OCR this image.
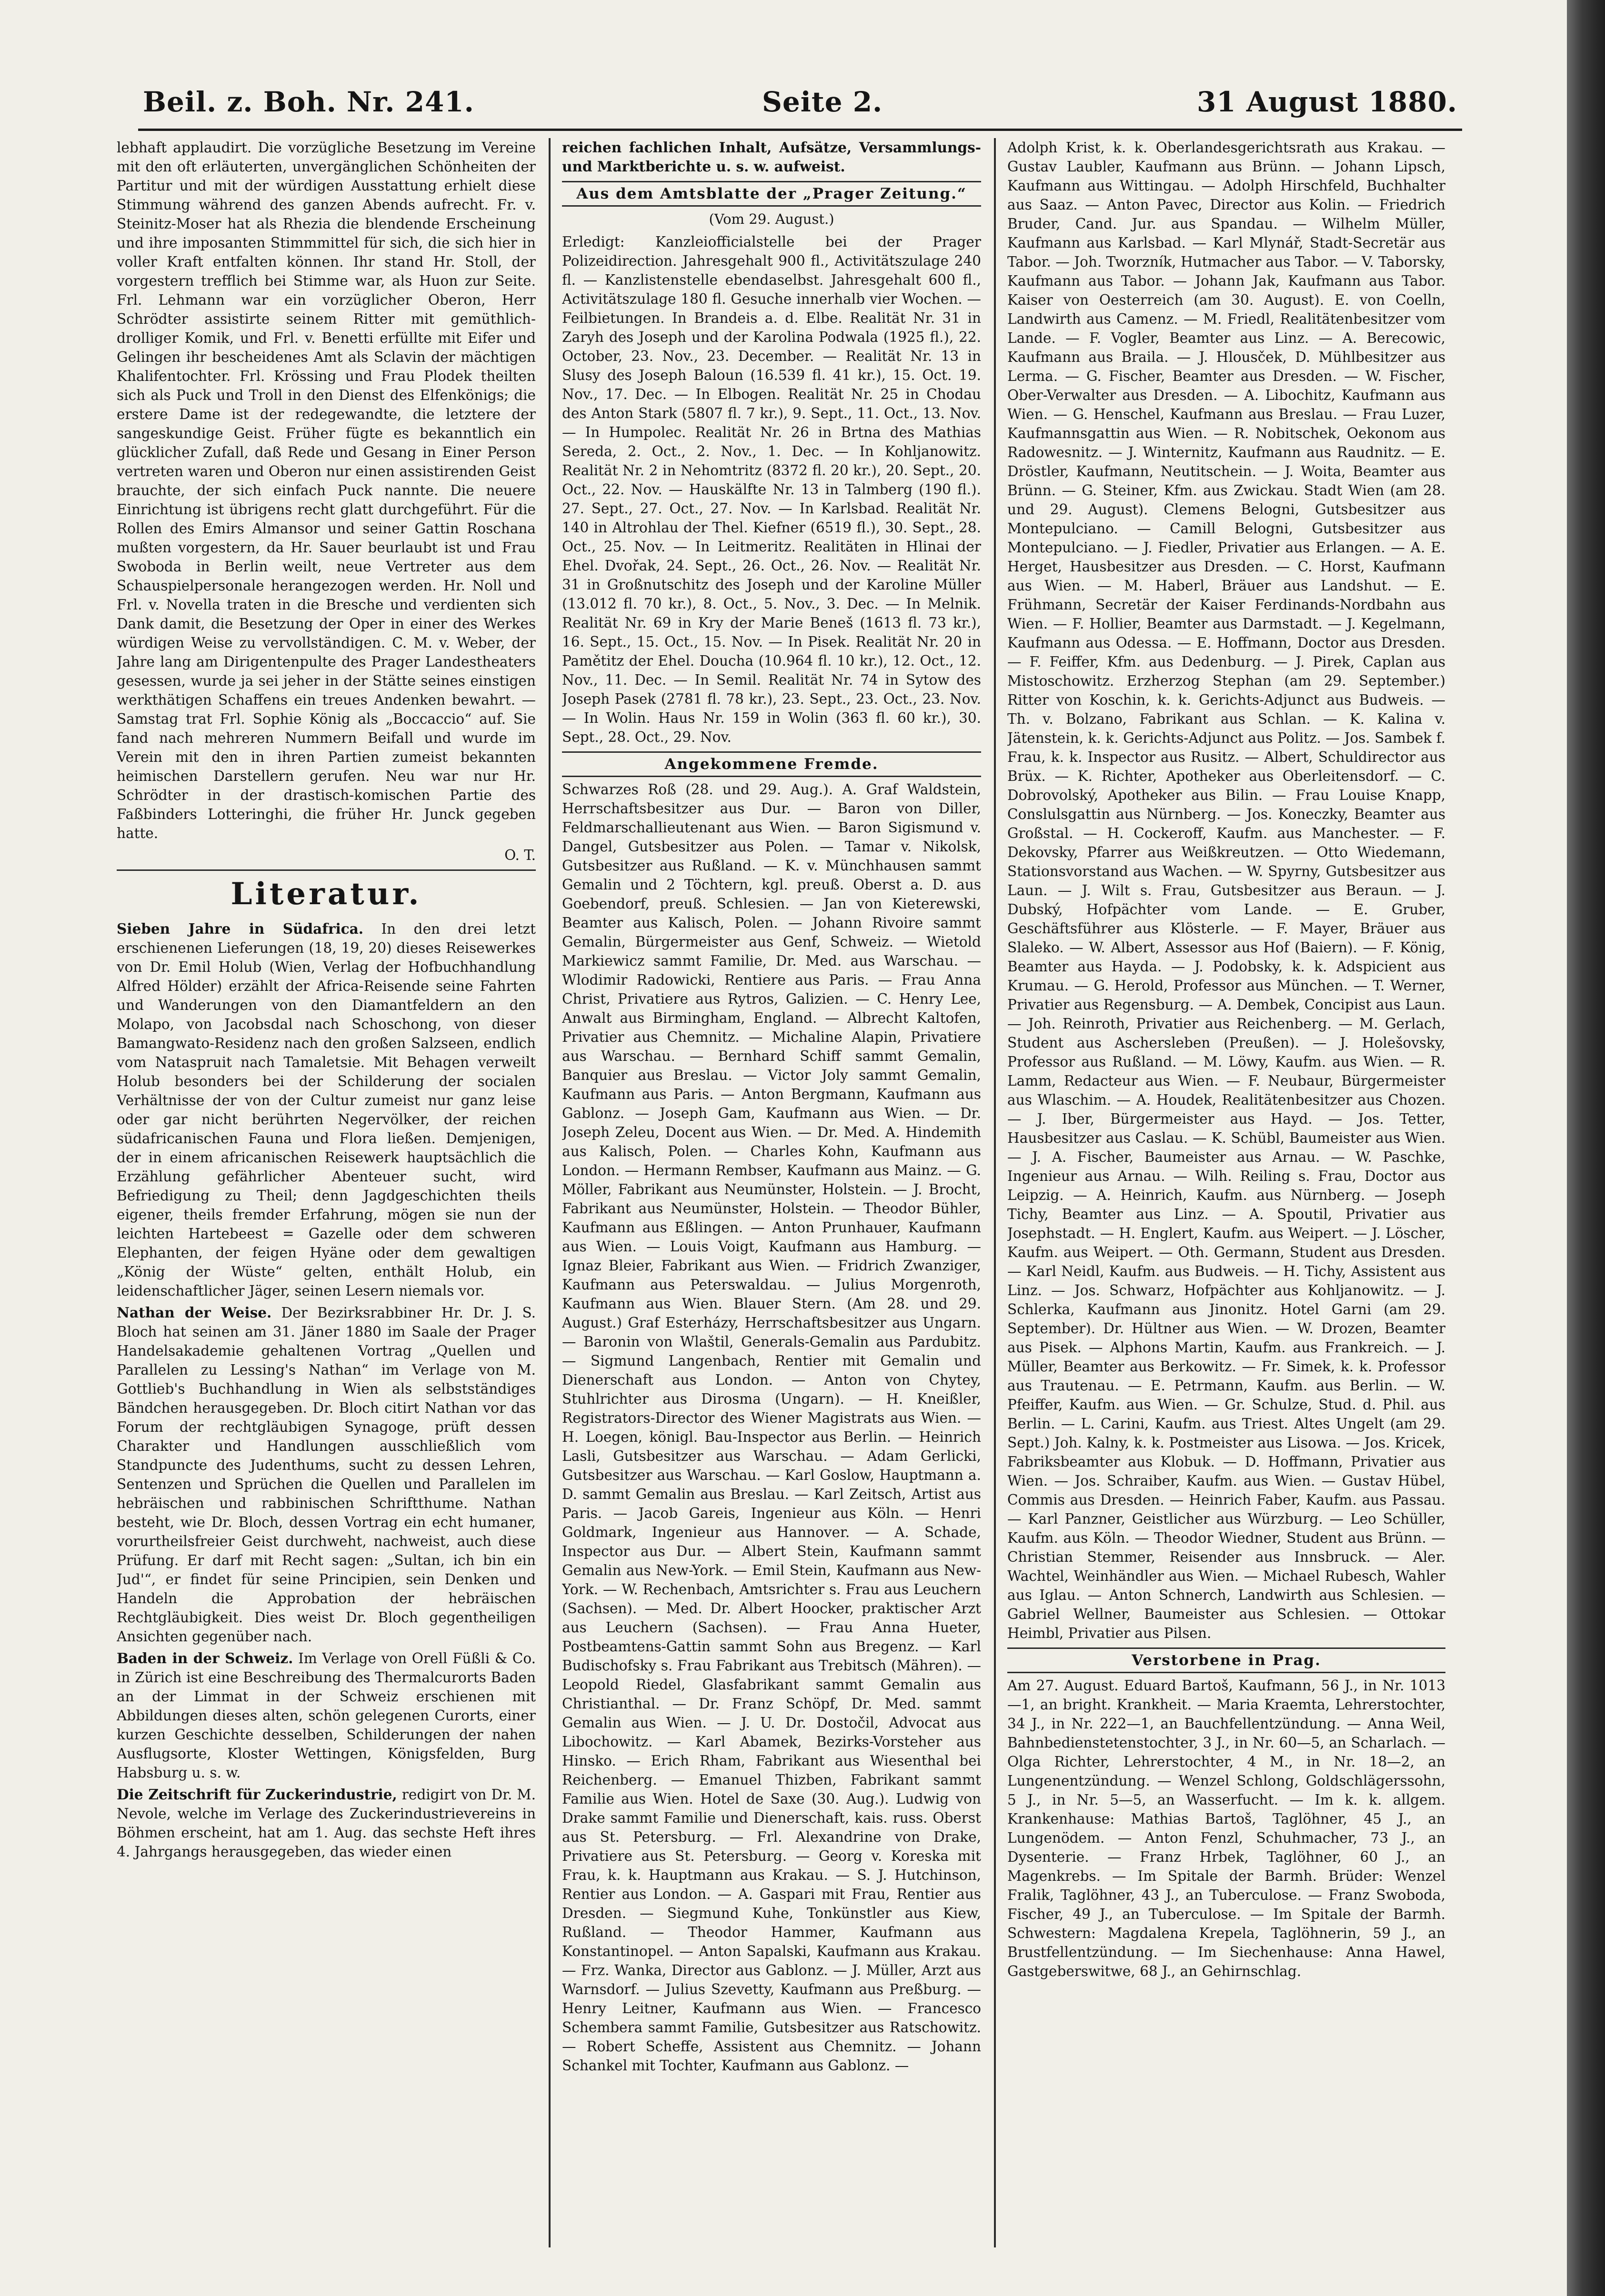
Beil. z. Boh. Nr. 241.	Seite 2.	31 August 1880.

lebhaft applaudirt. Die vorzügliche Besetzung im Vereine mit den oft erläuterten, unvergänglichen Schönheiten der Partitur und mit der würdigen Ausstattung erhielt diese Stimmung während des ganzen Abends aufrecht. Fr. v. Steinitz-Moser hat als Rhezia die blendende Erscheinung und ihre imposanten Stimmmittel für sich, die sich hier in voller Kraft entfalten können. Ihr stand Hr. Stoll, der vorgestern trefflich bei Stimme war, als Huon zur Seite. Frl. Lehmann war ein vorzüglicher Oberon, Herr Schrödter assistirte seinem Ritter mit gemüthlich-drolliger Komik, und Frl. v. Benetti erfüllte mit Eifer und Gelingen ihr bescheidenes Amt als Sclavin der mächtigen Khalifentochter. Frl. Krössing und Frau Plodek theilten sich als Puck und Troll in den Dienst des Elfenkönigs; die erstere Dame ist der redegewandte, die letztere der sangeskundige Geist. Früher fügte es bekanntlich ein glücklicher Zufall, daß Rede und Gesang in Einer Person vertreten waren und Oberon nur einen assistirenden Geist brauchte, der sich einfach Puck nannte. Die neuere Einrichtung ist übrigens recht glatt durchgeführt. Für die Rollen des Emirs Almansor und seiner Gattin Roschana mußten vorgestern, da Hr. Sauer beurlaubt ist und Frau Swoboda in Berlin weilt, neue Vertreter aus dem Schauspielpersonale herangezogen werden. Hr. Noll und Frl. v. Novella traten in die Bresche und verdienten sich Dank damit, die Besetzung der Oper in einer des Werkes würdigen Weise zu vervollständigen. C. M. v. Weber, der Jahre lang am Dirigentenpulte des Prager Landestheaters gesessen, wurde ja sei jeher in der Stätte seines einstigen werkthätigen Schaffens ein treues Andenken bewahrt. — Samstag trat Frl. Sophie König als „Boccaccio“ auf. Sie fand nach mehreren Nummern Beifall und wurde im Verein mit den in ihren Partien zumeist bekannten heimischen Darstellern gerufen. Neu war nur Hr. Schrödter in der drastisch-komischen Partie des Faßbinders Lotteringhi, die früher Hr. Junck gegeben hatte.

O. T.

Literatur.

Sieben Jahre in Südafrica. In den drei letzt erschienenen Lieferungen (18, 19, 20) dieses Reisewerkes von Dr. Emil Holub (Wien, Verlag der Hofbuchhandlung Alfred Hölder) erzählt der Africa-Reisende seine Fahrten und Wanderungen von den Diamantfeldern an den Molapo, von Jacobsdal nach Schoschong, von dieser Bamangwato-Residenz nach den großen Salzseen, endlich vom Nataspruit nach Tamaletsie. Mit Behagen verweilt Holub besonders bei der Schilderung der socialen Verhältnisse der von der Cultur zumeist nur ganz leise oder gar nicht berührten Negervölker, der reichen südafricanischen Fauna und Flora ließen. Demjenigen, der in einem africanischen Reisewerk hauptsächlich die Erzählung gefährlicher Abenteuer sucht, wird Befriedigung zu Theil; denn Jagdgeschichten theils eigener, theils fremder Erfahrung, mögen sie nun der leichten Hartebeest = Gazelle oder dem schweren Elephanten, der feigen Hyäne oder dem gewaltigen „König der Wüste“ gelten, enthält Holub, ein leidenschaftlicher Jäger, seinen Lesern niemals vor.

Nathan der Weise. Der Bezirksrabbiner Hr. Dr. J. S. Bloch hat seinen am 31. Jäner 1880 im Saale der Prager Handelsakademie gehaltenen Vortrag „Quellen und Parallelen zu Lessing's Nathan“ im Verlage von M. Gottlieb's Buchhandlung in Wien als selbstständiges Bändchen herausgegeben. Dr. Bloch citirt Nathan vor das Forum der rechtgläubigen Synagoge, prüft dessen Charakter und Handlungen ausschließlich vom Standpuncte des Judenthums, sucht zu dessen Lehren, Sentenzen und Sprüchen die Quellen und Parallelen im hebräischen und rabbinischen Schriftthume. Nathan besteht, wie Dr. Bloch, dessen Vortrag ein echt humaner, vorurtheilsfreier Geist durchweht, nachweist, auch diese Prüfung. Er darf mit Recht sagen: „Sultan, ich bin ein Jud'“, er findet für seine Principien, sein Denken und Handeln die Approbation der hebräischen Rechtgläubigkeit. Dies weist Dr. Bloch gegentheiligen Ansichten gegenüber nach.

Baden in der Schweiz. Im Verlage von Orell Füßli & Co. in Zürich ist eine Beschreibung des Thermalcurorts Baden an der Limmat in der Schweiz erschienen mit Abbildungen dieses alten, schön gelegenen Curorts, einer kurzen Geschichte desselben, Schilderungen der nahen Ausflugsorte, Kloster Wettingen, Königsfelden, Burg Habsburg u. s. w.

Die Zeitschrift für Zuckerindustrie, redigirt von Dr. M. Nevole, welche im Verlage des Zuckerindustrievereins in Böhmen erscheint, hat am 1. Aug. das sechste Heft ihres 4. Jahrgangs herausgegeben, das wieder einen

reichen fachlichen Inhalt, Aufsätze, Versammlungs- und Marktberichte u. s. w. aufweist.

Aus dem Amtsblatte der „Prager Zeitung.“
(Vom 29. August.)

Erledigt: Kanzleiofficialstelle bei der Prager Polizeidirection. Jahresgehalt 900 fl., Activitätszulage 240 fl. — Kanzlistenstelle ebendaselbst. Jahresgehalt 600 fl., Activitätszulage 180 fl. Gesuche innerhalb vier Wochen. — Feilbietungen. In Brandeis a. d. Elbe. Realität Nr. 31 in Zaryh des Joseph und der Karolina Podwala (1925 fl.), 22. October, 23. Nov., 23. December. — Realität Nr. 13 in Slusy des Joseph Baloun (16.539 fl. 41 kr.), 15. Oct. 19. Nov., 17. Dec. — In Elbogen. Realität Nr. 25 in Chodau des Anton Stark (5807 fl. 7 kr.), 9. Sept., 11. Oct., 13. Nov. — In Humpolec. Realität Nr. 26 in Brtna des Mathias Sereda, 2. Oct., 2. Nov., 1. Dec. — In Kohljanowitz. Realität Nr. 2 in Nehomtritz (8372 fl. 20 kr.), 20. Sept., 20. Oct., 22. Nov. — Hauskälfte Nr. 13 in Talmberg (190 fl.). 27. Sept., 27. Oct., 27. Nov. — In Karlsbad. Realität Nr. 140 in Altrohlau der Thel. Kiefner (6519 fl.), 30. Sept., 28. Oct., 25. Nov. — In Leitmeritz. Realitäten in Hlinai der Ehel. Dvořak, 24. Sept., 26. Oct., 26. Nov. — Realität Nr. 31 in Großnutschitz des Joseph und der Karoline Müller (13.012 fl. 70 kr.), 8. Oct., 5. Nov., 3. Dec. — In Melnik. Realität Nr. 69 in Kry der Marie Beneš (1613 fl. 73 kr.), 16. Sept., 15. Oct., 15. Nov. — In Pisek. Realität Nr. 20 in Pamětitz der Ehel. Doucha (10.964 fl. 10 kr.), 12. Oct., 12. Nov., 11. Dec. — In Semil. Realität Nr. 74 in Sytow des Joseph Pasek (2781 fl. 78 kr.), 23. Sept., 23. Oct., 23. Nov. — In Wolin. Haus Nr. 159 in Wolin (363 fl. 60 kr.), 30. Sept., 28. Oct., 29. Nov.

Angekommene Fremde.

Schwarzes Roß (28. und 29. Aug.). A. Graf Waldstein, Herrschaftsbesitzer aus Dur. — Baron von Diller, Feldmarschallieutenant aus Wien. — Baron Sigismund v. Dangel, Gutsbesitzer aus Polen. — Tamar v. Nikolsk, Gutsbesitzer aus Rußland. — K. v. Münchhausen sammt Gemalin und 2 Töchtern, kgl. preuß. Oberst a. D. aus Goebendorf, preuß. Schlesien. — Jan von Kieterewski, Beamter aus Kalisch, Polen. — Johann Rivoire sammt Gemalin, Bürgermeister aus Genf, Schweiz. — Wietold Markiewicz sammt Familie, Dr. Med. aus Warschau. — Wlodimir Radowicki, Rentiere aus Paris. — Frau Anna Christ, Privatiere aus Rytros, Galizien. — C. Henry Lee, Anwalt aus Birmingham, England. — Albrecht Kaltofen, Privatier aus Chemnitz. — Michaline Alapin, Privatiere aus Warschau. — Bernhard Schiff sammt Gemalin, Banquier aus Breslau. — Victor Joly sammt Gemalin, Kaufmann aus Paris. — Anton Bergmann, Kaufmann aus Gablonz. — Joseph Gam, Kaufmann aus Wien. — Dr. Joseph Zeleu, Docent aus Wien. — Dr. Med. A. Hindemith aus Kalisch, Polen. — Charles Kohn, Kaufmann aus London. — Hermann Rembser, Kaufmann aus Mainz. — G. Möller, Fabrikant aus Neumünster, Holstein. — J. Brocht, Fabrikant aus Neumünster, Holstein. — Theodor Bühler, Kaufmann aus Eßlingen. — Anton Prunhauer, Kaufmann aus Wien. — Louis Voigt, Kaufmann aus Hamburg. — Ignaz Bleier, Fabrikant aus Wien. — Fridrich Zwanziger, Kaufmann aus Peterswaldau. — Julius Morgenroth, Kaufmann aus Wien. Blauer Stern. (Am 28. und 29. August.) Graf Esterházy, Herrschaftsbesitzer aus Ungarn. — Baronin von Wlaštil, Generals-Gemalin aus Pardubitz. — Sigmund Langenbach, Rentier mit Gemalin und Dienerschaft aus London. — Anton von Chytey, Stuhlrichter aus Dirosma (Ungarn). — H. Kneißler, Registrators-Director des Wiener Magistrats aus Wien. — H. Loegen, königl. Bau-Inspector aus Berlin. — Heinrich Lasli, Gutsbesitzer aus Warschau. — Adam Gerlicki, Gutsbesitzer aus Warschau. — Karl Goslow, Hauptmann a. D. sammt Gemalin aus Breslau. — Karl Zeitsch, Artist aus Paris. — Jacob Gareis, Ingenieur aus Köln. — Henri Goldmark, Ingenieur aus Hannover. — A. Schade, Inspector aus Dur. — Albert Stein, Kaufmann sammt Gemalin aus New-York. — Emil Stein, Kaufmann aus New-York. — W. Rechenbach, Amtsrichter s. Frau aus Leuchern (Sachsen). — Med. Dr. Albert Hoocker, praktischer Arzt aus Leuchern (Sachsen). — Frau Anna Hueter, Postbeamtens-Gattin sammt Sohn aus Bregenz. — Karl Budischofsky s. Frau Fabrikant aus Trebitsch (Mähren). — Leopold Riedel, Glasfabrikant sammt Gemalin aus Christianthal. — Dr. Franz Schöpf, Dr. Med. sammt Gemalin aus Wien. — J. U. Dr. Dostočil, Advocat aus Libochowitz. — Karl Abamek, Bezirks-Vorsteher aus Hinsko. — Erich Rham, Fabrikant aus Wiesenthal bei Reichenberg. — Emanuel Thizben, Fabrikant sammt Familie aus Wien. Hotel de Saxe (30. Aug.). Ludwig von Drake sammt Familie und Dienerschaft, kais. russ. Oberst aus St. Petersburg. — Frl. Alexandrine von Drake, Privatiere aus St. Petersburg. — Georg v. Koreska mit Frau, k. k. Hauptmann aus Krakau. — S. J. Hutchinson, Rentier aus London. — A. Gaspari mit Frau, Rentier aus Dresden. — Siegmund Kuhe, Tonkünstler aus Kiew, Rußland. — Theodor Hammer, Kaufmann aus Konstantinopel. — Anton Sapalski, Kaufmann aus Krakau. — Frz. Wanka, Director aus Gablonz. — J. Müller, Arzt aus Warnsdorf. — Julius Szevetty, Kaufmann aus Preßburg. — Henry Leitner, Kaufmann aus Wien. — Francesco Schembera sammt Familie, Gutsbesitzer aus Ratschowitz. — Robert Scheffe, Assistent aus Chemnitz. — Johann Schankel mit Tochter, Kaufmann aus Gablonz. —

Adolph Krist, k. k. Oberlandesgerichtsrath aus Krakau. — Gustav Laubler, Kaufmann aus Brünn. — Johann Lipsch, Kaufmann aus Wittingau. — Adolph Hirschfeld, Buchhalter aus Saaz. — Anton Pavec, Director aus Kolin. — Friedrich Bruder, Cand. Jur. aus Spandau. — Wilhelm Müller, Kaufmann aus Karlsbad. — Karl Mlynář, Stadt-Secretär aus Tabor. — Joh. Tworzník, Hutmacher aus Tabor. — V. Taborsky, Kaufmann aus Tabor. — Johann Jak, Kaufmann aus Tabor. Kaiser von Oesterreich (am 30. August). E. von Coelln, Landwirth aus Camenz. — M. Friedl, Realitätenbesitzer vom Lande. — F. Vogler, Beamter aus Linz. — A. Berecowic, Kaufmann aus Braila. — J. Hlousček, D. Mühlbesitzer aus Lerma. — G. Fischer, Beamter aus Dresden. — W. Fischer, Ober-Verwalter aus Dresden. — A. Libochitz, Kaufmann aus Wien. — G. Henschel, Kaufmann aus Breslau. — Frau Luzer, Kaufmannsgattin aus Wien. — R. Nobitschek, Oekonom aus Radowesnitz. — J. Winternitz, Kaufmann aus Raudnitz. — E. Dröstler, Kaufmann, Neutitschein. — J. Woita, Beamter aus Brünn. — G. Steiner, Kfm. aus Zwickau. Stadt Wien (am 28. und 29. August). Clemens Belogni, Gutsbesitzer aus Montepulciano. — Camill Belogni, Gutsbesitzer aus Montepulciano. — J. Fiedler, Privatier aus Erlangen. — A. E. Herget, Hausbesitzer aus Dresden. — C. Horst, Kaufmann aus Wien. — M. Haberl, Bräuer aus Landshut. — E. Frühmann, Secretär der Kaiser Ferdinands-Nordbahn aus Wien. — F. Hollier, Beamter aus Darmstadt. — J. Kegelmann, Kaufmann aus Odessa. — E. Hoffmann, Doctor aus Dresden. — F. Feiffer, Kfm. aus Dedenburg. — J. Pirek, Caplan aus Mistoschowitz. Erzherzog Stephan (am 29. September.) Ritter von Koschin, k. k. Gerichts-Adjunct aus Budweis. — Th. v. Bolzano, Fabrikant aus Schlan. — K. Kalina v. Jätenstein, k. k. Gerichts-Adjunct aus Politz. — Jos. Sambek f. Frau, k. k. Inspector aus Rusitz. — Albert, Schuldirector aus Brüx. — K. Richter, Apotheker aus Oberleitensdorf. — C. Dobrovolský, Apotheker aus Bilin. — Frau Louise Knapp, Conslulsgattin aus Nürnberg. — Jos. Koneczky, Beamter aus Großstal. — H. Cockeroff, Kaufm. aus Manchester. — F. Dekovsky, Pfarrer aus Weißkreutzen. — Otto Wiedemann, Stationsvorstand aus Wachen. — W. Spyrny, Gutsbesitzer aus Laun. — J. Wilt s. Frau, Gutsbesitzer aus Beraun. — J. Dubský, Hofpächter vom Lande. — E. Gruber, Geschäftsführer aus Klösterle. — F. Mayer, Bräuer aus Slaleko. — W. Albert, Assessor aus Hof (Baiern). — F. König, Beamter aus Hayda. — J. Podobsky, k. k. Adspicient aus Krumau. — G. Herold, Professor aus München. — T. Werner, Privatier aus Regensburg. — A. Dembek, Concipist aus Laun. — Joh. Reinroth, Privatier aus Reichenberg. — M. Gerlach, Student aus Aschersleben (Preußen). — J. Holešovsky, Professor aus Rußland. — M. Löwy, Kaufm. aus Wien. — R. Lamm, Redacteur aus Wien. — F. Neubaur, Bürgermeister aus Wlaschim. — A. Houdek, Realitätenbesitzer aus Chozen. — J. Iber, Bürgermeister aus Hayd. — Jos. Tetter, Hausbesitzer aus Caslau. — K. Schübl, Baumeister aus Wien. — J. A. Fischer, Baumeister aus Arnau. — W. Paschke, Ingenieur aus Arnau. — Wilh. Reiling s. Frau, Doctor aus Leipzig. — A. Heinrich, Kaufm. aus Nürnberg. — Joseph Tichy, Beamter aus Linz. — A. Spoutil, Privatier aus Josephstadt. — H. Englert, Kaufm. aus Weipert. — J. Löscher, Kaufm. aus Weipert. — Oth. Germann, Student aus Dresden. — Karl Neidl, Kaufm. aus Budweis. — H. Tichy, Assistent aus Linz. — Jos. Schwarz, Hofpächter aus Kohljanowitz. — J. Schlerka, Kaufmann aus Jinonitz. Hotel Garni (am 29. September). Dr. Hültner aus Wien. — W. Drozen, Beamter aus Pisek. — Alphons Martin, Kaufm. aus Frankreich. — J. Müller, Beamter aus Berkowitz. — Fr. Simek, k. k. Professor aus Trautenau. — E. Petrmann, Kaufm. aus Berlin. — W. Pfeiffer, Kaufm. aus Wien. — Gr. Schulze, Stud. d. Phil. aus Berlin. — L. Carini, Kaufm. aus Triest. Altes Ungelt (am 29. Sept.) Joh. Kalny, k. k. Postmeister aus Lisowa. — Jos. Kricek, Fabriksbeamter aus Klobuk. — D. Hoffmann, Privatier aus Wien. — Jos. Schraiber, Kaufm. aus Wien. — Gustav Hübel, Commis aus Dresden. — Heinrich Faber, Kaufm. aus Passau. — Karl Panzner, Geistlicher aus Würzburg. — Leo Schüller, Kaufm. aus Köln. — Theodor Wiedner, Student aus Brünn. — Christian Stemmer, Reisender aus Innsbruck. — Aler. Wachtel, Weinhändler aus Wien. — Michael Rubesch, Wahler aus Iglau. — Anton Schnerch, Landwirth aus Schlesien. — Gabriel Wellner, Baumeister aus Schlesien. — Ottokar Heimbl, Privatier aus Pilsen.

Verstorbene in Prag.

Am 27. August. Eduard Bartoš, Kaufmann, 56 J., in Nr. 1013—1, an bright. Krankheit. — Maria Kraemta, Lehrerstochter, 34 J., in Nr. 222—1, an Bauchfellentzündung. — Anna Weil, Bahnbedienstetenstochter, 3 J., in Nr. 60—5, an Scharlach. — Olga Richter, Lehrerstochter, 4 M., in Nr. 18—2, an Lungenentzündung. — Wenzel Schlong, Goldschlägerssohn, 5 J., in Nr. 5—5, an Wasserfucht. — Im k. k. allgem. Krankenhause: Mathias Bartoš, Taglöhner, 45 J., an Lungenödem. — Anton Fenzl, Schuhmacher, 73 J., an Dysenterie. — Franz Hrbek, Taglöhner, 60 J., an Magenkrebs. — Im Spitale der Barmh. Brüder: Wenzel Fralik, Taglöhner, 43 J., an Tuberculose. — Franz Swoboda, Fischer, 49 J., an Tuberculose. — Im Spitale der Barmh. Schwestern: Magdalena Krepela, Taglöhnerin, 59 J., an Brustfellentzündung. — Im Siechenhause: Anna Hawel, Gastgeberswitwe, 68 J., an Gehirnschlag.
